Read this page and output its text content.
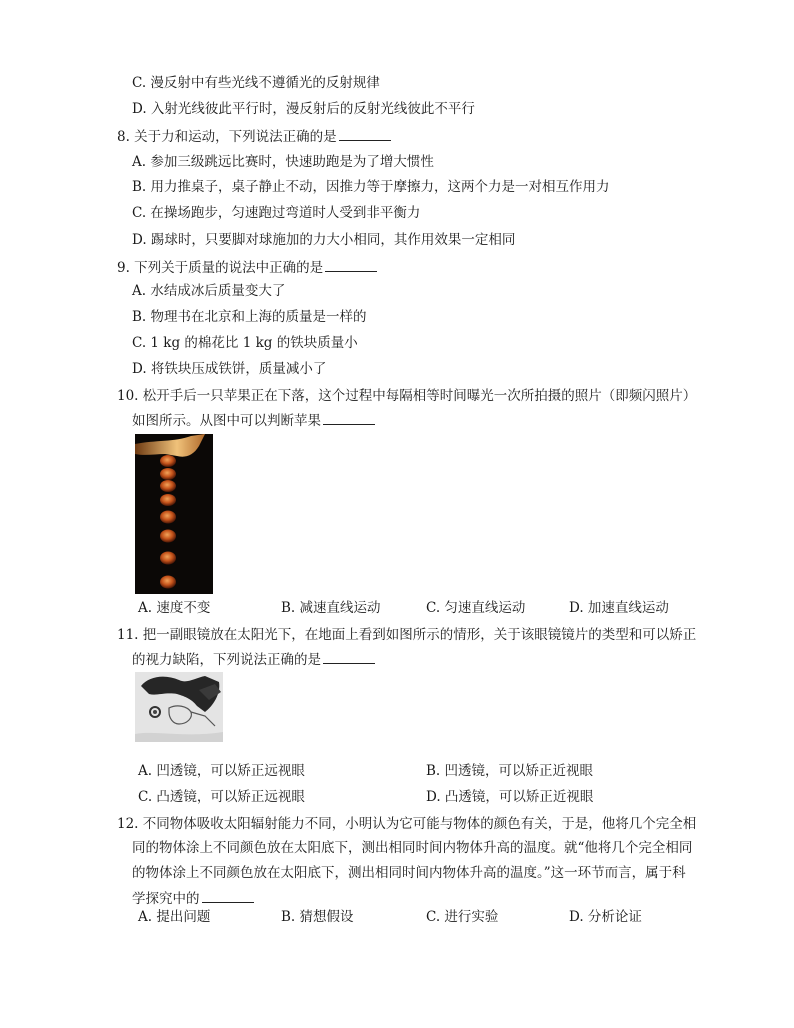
C. 漫反射中有些光线不遵循光的反射规律
D. 入射光线彼此平行时，漫反射后的反射光线彼此不平行
8. 关于力和运动，下列说法正确的是
A. 参加三级跳远比赛时，快速助跑是为了增大惯性
B. 用力推桌子，桌子静止不动，因推力等于摩擦力，这两个力是一对相互作用力
C. 在操场跑步，匀速跑过弯道时人受到非平衡力
D. 踢球时，只要脚对球施加的力大小相同，其作用效果一定相同
9. 下列关于质量的说法中正确的是
A. 水结成冰后质量变大了
B. 物理书在北京和上海的质量是一样的
C. 1 kg 的棉花比 1 kg 的铁块质量小
D. 将铁块压成铁饼，质量减小了
10. 松开手后一只苹果正在下落，这个过程中每隔相等时间曝光一次所拍摄的照片（即频闪照片）
如图所示。从图中可以判断苹果
A. 速度不变	B. 减速直线运动	C. 匀速直线运动	D. 加速直线运动
11. 把一副眼镜放在太阳光下，在地面上看到如图所示的情形，关于该眼镜镜片的类型和可以矫正
的视力缺陷，下列说法正确的是
A. 凹透镜，可以矫正远视眼	B. 凹透镜，可以矫正近视眼
C. 凸透镜，可以矫正远视眼	D. 凸透镜，可以矫正近视眼
12. 不同物体吸收太阳辐射能力不同，小明认为它可能与物体的颜色有关，于是，他将几个完全相
同的物体涂上不同颜色放在太阳底下，测出相同时间内物体升高的温度。就“他将几个完全相同
的物体涂上不同颜色放在太阳底下，测出相同时间内物体升高的温度。”这一环节而言，属于科
学探究中的
A. 提出问题	B. 猜想假设	C. 进行实验	D. 分析论证
